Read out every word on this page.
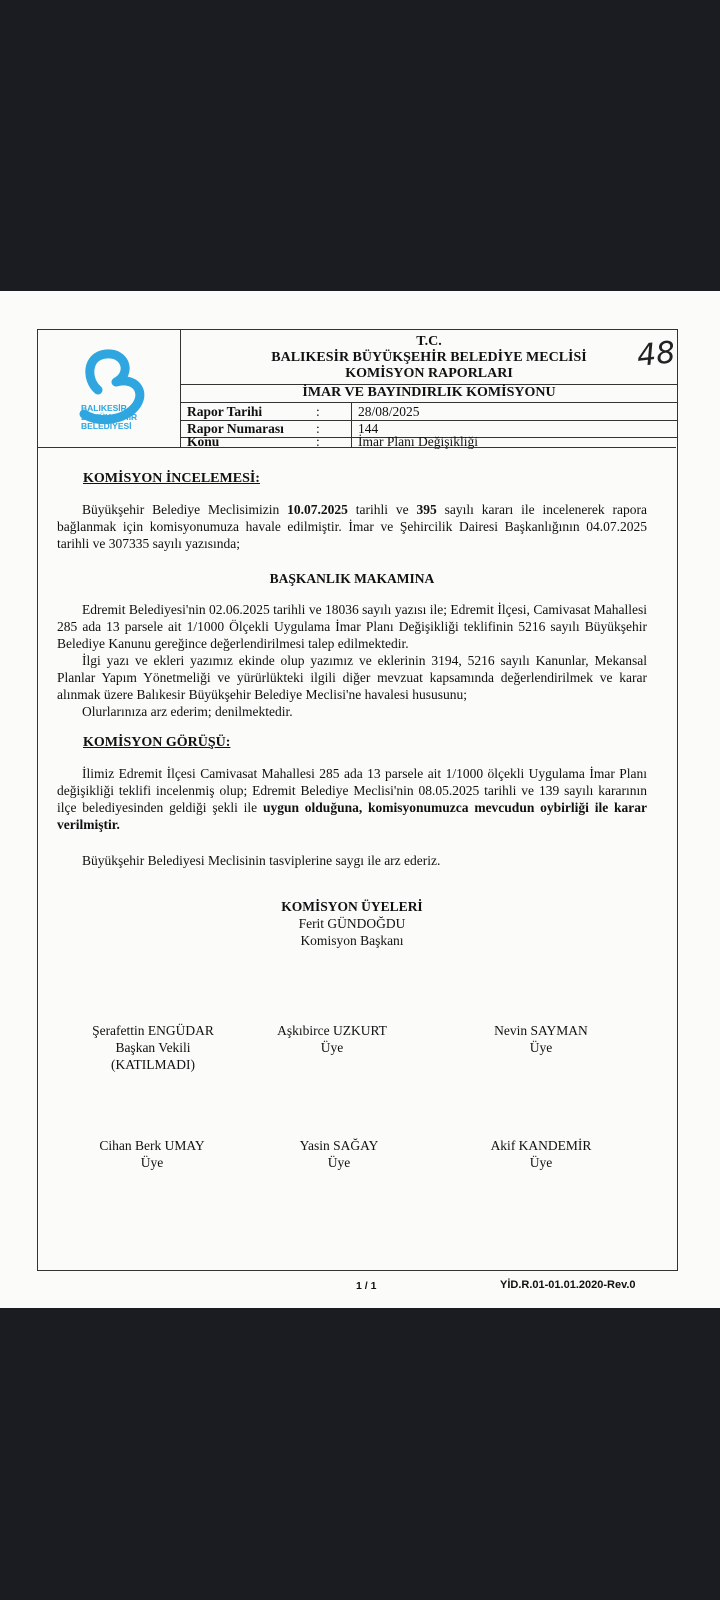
BALIKESİR
BÜYÜKŞEHİR
BELEDİYESİ
T.C.
BALIKESİR BÜYÜKŞEHİR BELEDİYE MECLİSİ
KOMİSYON RAPORLARI
İMAR VE BAYINDIRLIK KOMİSYONU
Rapor Tarihi	:	28/08/2025
Rapor Numarası :	144
Konu	:	İmar Planı Değişikliği
48
KOMİSYON İNCELEMESİ:
Büyükşehir Belediye Meclisimizin 10.07.2025 tarihli ve 395 sayılı kararı ile incelenerek rapora bağlanmak için komisyonumuza havale edilmiştir. İmar ve Şehircilik Dairesi Başkanlığının 04.07.2025 tarihli ve 307335 sayılı yazısında;
BAŞKANLIK MAKAMINA
Edremit Belediyesi'nin 02.06.2025 tarihli ve 18036 sayılı yazısı ile; Edremit İlçesi, Camivasat Mahallesi 285 ada 13 parsele ait 1/1000 Ölçekli Uygulama İmar Planı Değişikliği teklifinin 5216 sayılı Büyükşehir Belediye Kanunu gereğince değerlendirilmesi talep edilmektedir.
İlgi yazı ve ekleri yazımız ekinde olup yazımız ve eklerinin 3194, 5216 sayılı Kanunlar, Mekansal Planlar Yapım Yönetmeliği ve yürürlükteki ilgili diğer mevzuat kapsamında değerlendirilmek ve karar alınmak üzere Balıkesir Büyükşehir Belediye Meclisi'ne havalesi hususunu;
Olurlarınıza arz ederim; denilmektedir.
KOMİSYON GÖRÜŞÜ:
İlimiz Edremit İlçesi Camivasat Mahallesi 285 ada 13 parsele ait 1/1000 ölçekli Uygulama İmar Planı değişikliği teklifi incelenmiş olup; Edremit Belediye Meclisi'nin 08.05.2025 tarihli ve 139 sayılı kararının ilçe belediyesinden geldiği şekli ile uygun olduğuna, komisyonumuzca mevcudun oybirliği ile karar verilmiştir.
Büyükşehir Belediyesi Meclisinin tasviplerine saygı ile arz ederiz.
KOMİSYON ÜYELERİ
Ferit GÜNDOĞDU
Komisyon Başkanı
Şerafettin ENGÜDAR
Başkan Vekili
(KATILMADI)
Aşkıbirce UZKURT
Üye
Nevin SAYMAN
Üye
Cihan Berk UMAY
Üye
Yasin SAĞAY
Üye
Akif KANDEMİR
Üye
1 / 1	YİD.R.01-01.01.2020-Rev.0
